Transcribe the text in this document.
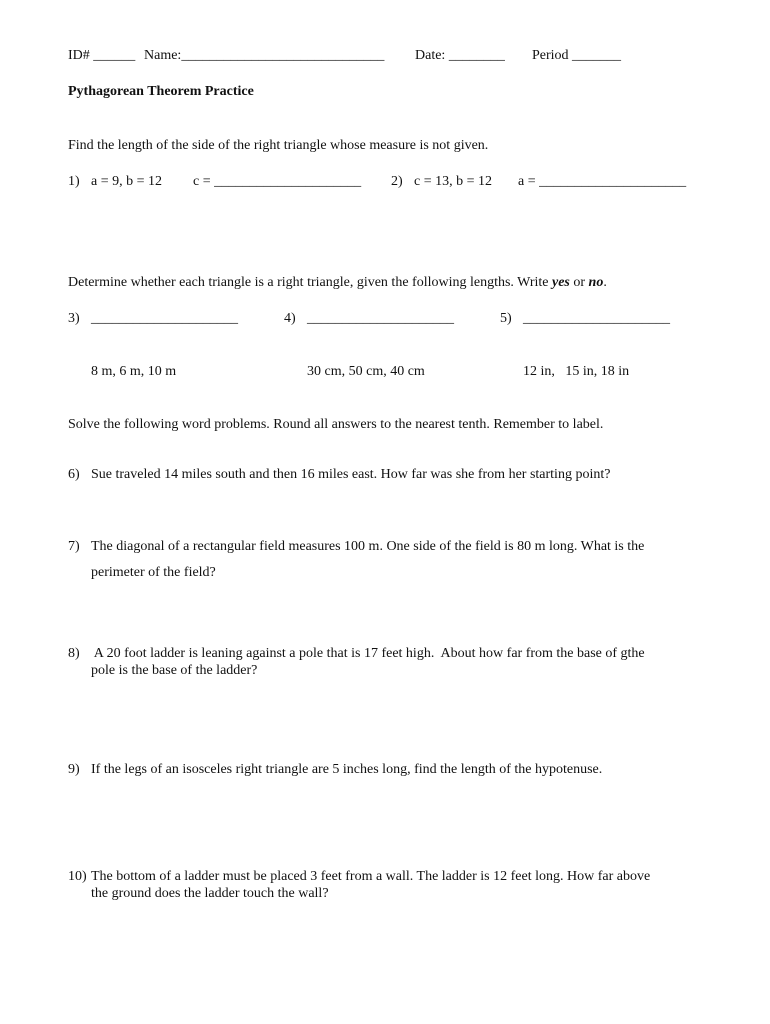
ID# ______ Name:_____________________________ Date: ________ Period _______
Pythagorean Theorem Practice
Find the length of the side of the right triangle whose measure is not given.
1) a = 9, b = 12 c = _____________________ 2) c = 13, b = 12 a = _____________________
Determine whether each triangle is a right triangle, given the following lengths. Write yes or no.
3) _____________________
8 m, 6 m, 10 m
4) _____________________
30 cm, 50 cm, 40 cm
5) _____________________
12 in,   15 in, 18 in
Solve the following word problems. Round all answers to the nearest tenth. Remember to label.
6) Sue traveled 14 miles south and then 16 miles east. How far was she from her starting point?
7) The diagonal of a rectangular field measures 100 m. One side of the field is 80 m long. What is the
perimeter of the field?
8) A 20 foot ladder is leaning against a pole that is 17 feet high.  About how far from the base of gthe
pole is the base of the ladder?
9) If the legs of an isosceles right triangle are 5 inches long, find the length of the hypotenuse.
10) The bottom of a ladder must be placed 3 feet from a wall. The ladder is 12 feet long. How far above
the ground does the ladder touch the wall?
